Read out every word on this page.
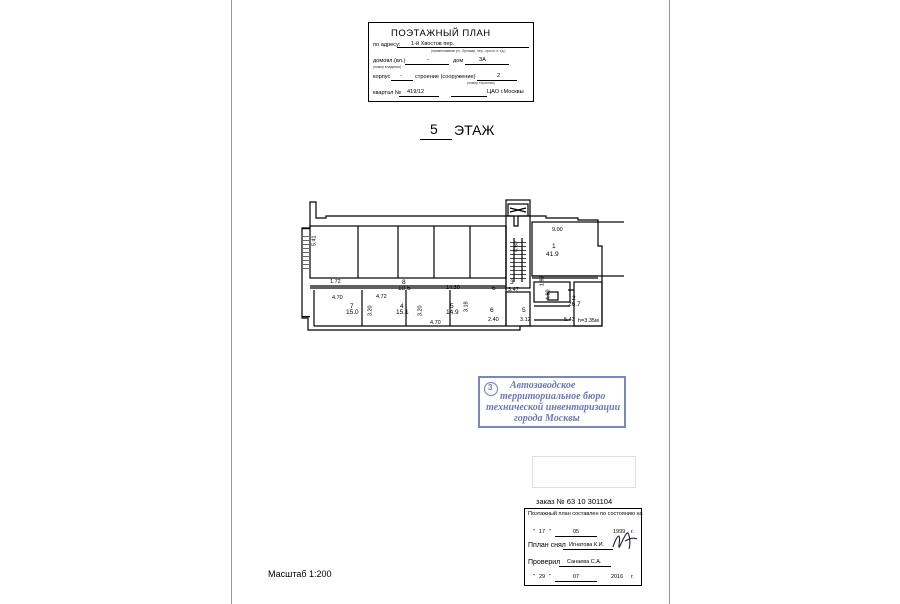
ПОЭТАЖНЫЙ ПЛАН
по адресу: 1-й Хвостов пер.
(наименование ул., бульвар, пер., просп. и т.д.)
домовл.(вл.)	-	дом	3А
(номер владения)
корпус - строение (сооружение)	2
(номер строения)
квартал № 419/12	ЦАО г.Москвы
5 ЭТАЖ
1
41.9
2
26.7
3
3.47
4
15.1
5
14.9
6
7
15.0
8
18.6
5
3.12
6
2.40
9.00
4.60
4.80
1.97
5.43 h=3.35м
14.30
4.70	4.72
3.20	3.20	3.18
4.70
5.41
1.72
3 Автозаводское
территориальное бюро
технической инвентаризации
города Москвы
заказ № 63 10 301104
Поэтажный план составлен по состоянию на
" 17 "	05	1999 г.
Пплан снял Игнатова К.И.
Проверил Санаева С.А.
" 29 "	07	2016 г.
Масштаб 1:200
